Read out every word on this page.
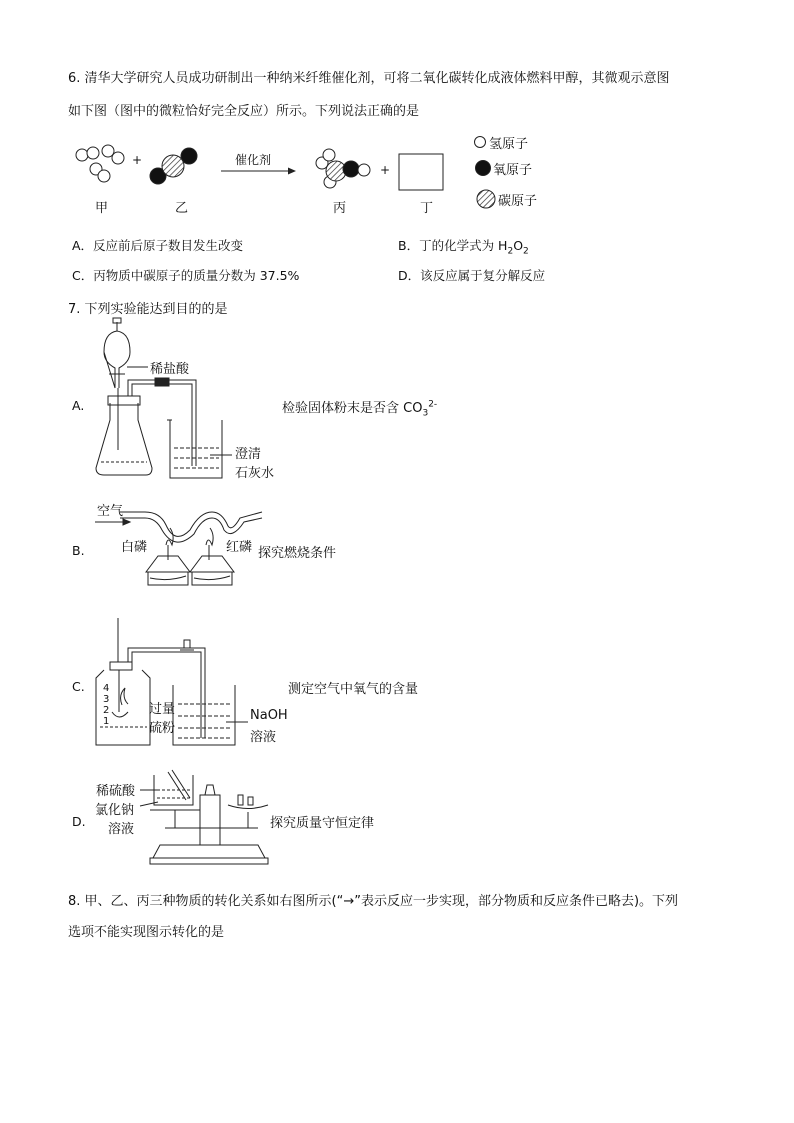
6. 清华大学研究人员成功研制出一种纳米纤维催化剂，可将二氧化碳转化成液体燃料甲醇，其微观示意图
如下图（图中的微粒恰好完全反应）所示。下列说法正确的是
+	催化剂
+
甲	乙	丙	丁
氢原子
氧原子
碳原子
A．反应前后原子数目发生改变	B．丁的化学式为 $H_2O_2$
C．丙物质中碳原子的质量分数为 37.5%	D．该反应属于复分解反应
7. 下列实验能达到目的的是
A.
稀盐酸
澄清
石灰水
检验固体粉末是否含 $CO_3^{2-}$
B.
空气
白磷	红磷 探究燃烧条件
C. 4
3
2
1
过量
硫粉
NaOH
溶液
测定空气中氧气的含量
D.
稀硫酸
氯化钠
溶液	探究质量守恒定律
8. 甲、乙、丙三种物质的转化关系如右图所示(“→”表示反应一步实现，部分物质和反应条件已略去)。下列
选项不能实现图示转化的是
